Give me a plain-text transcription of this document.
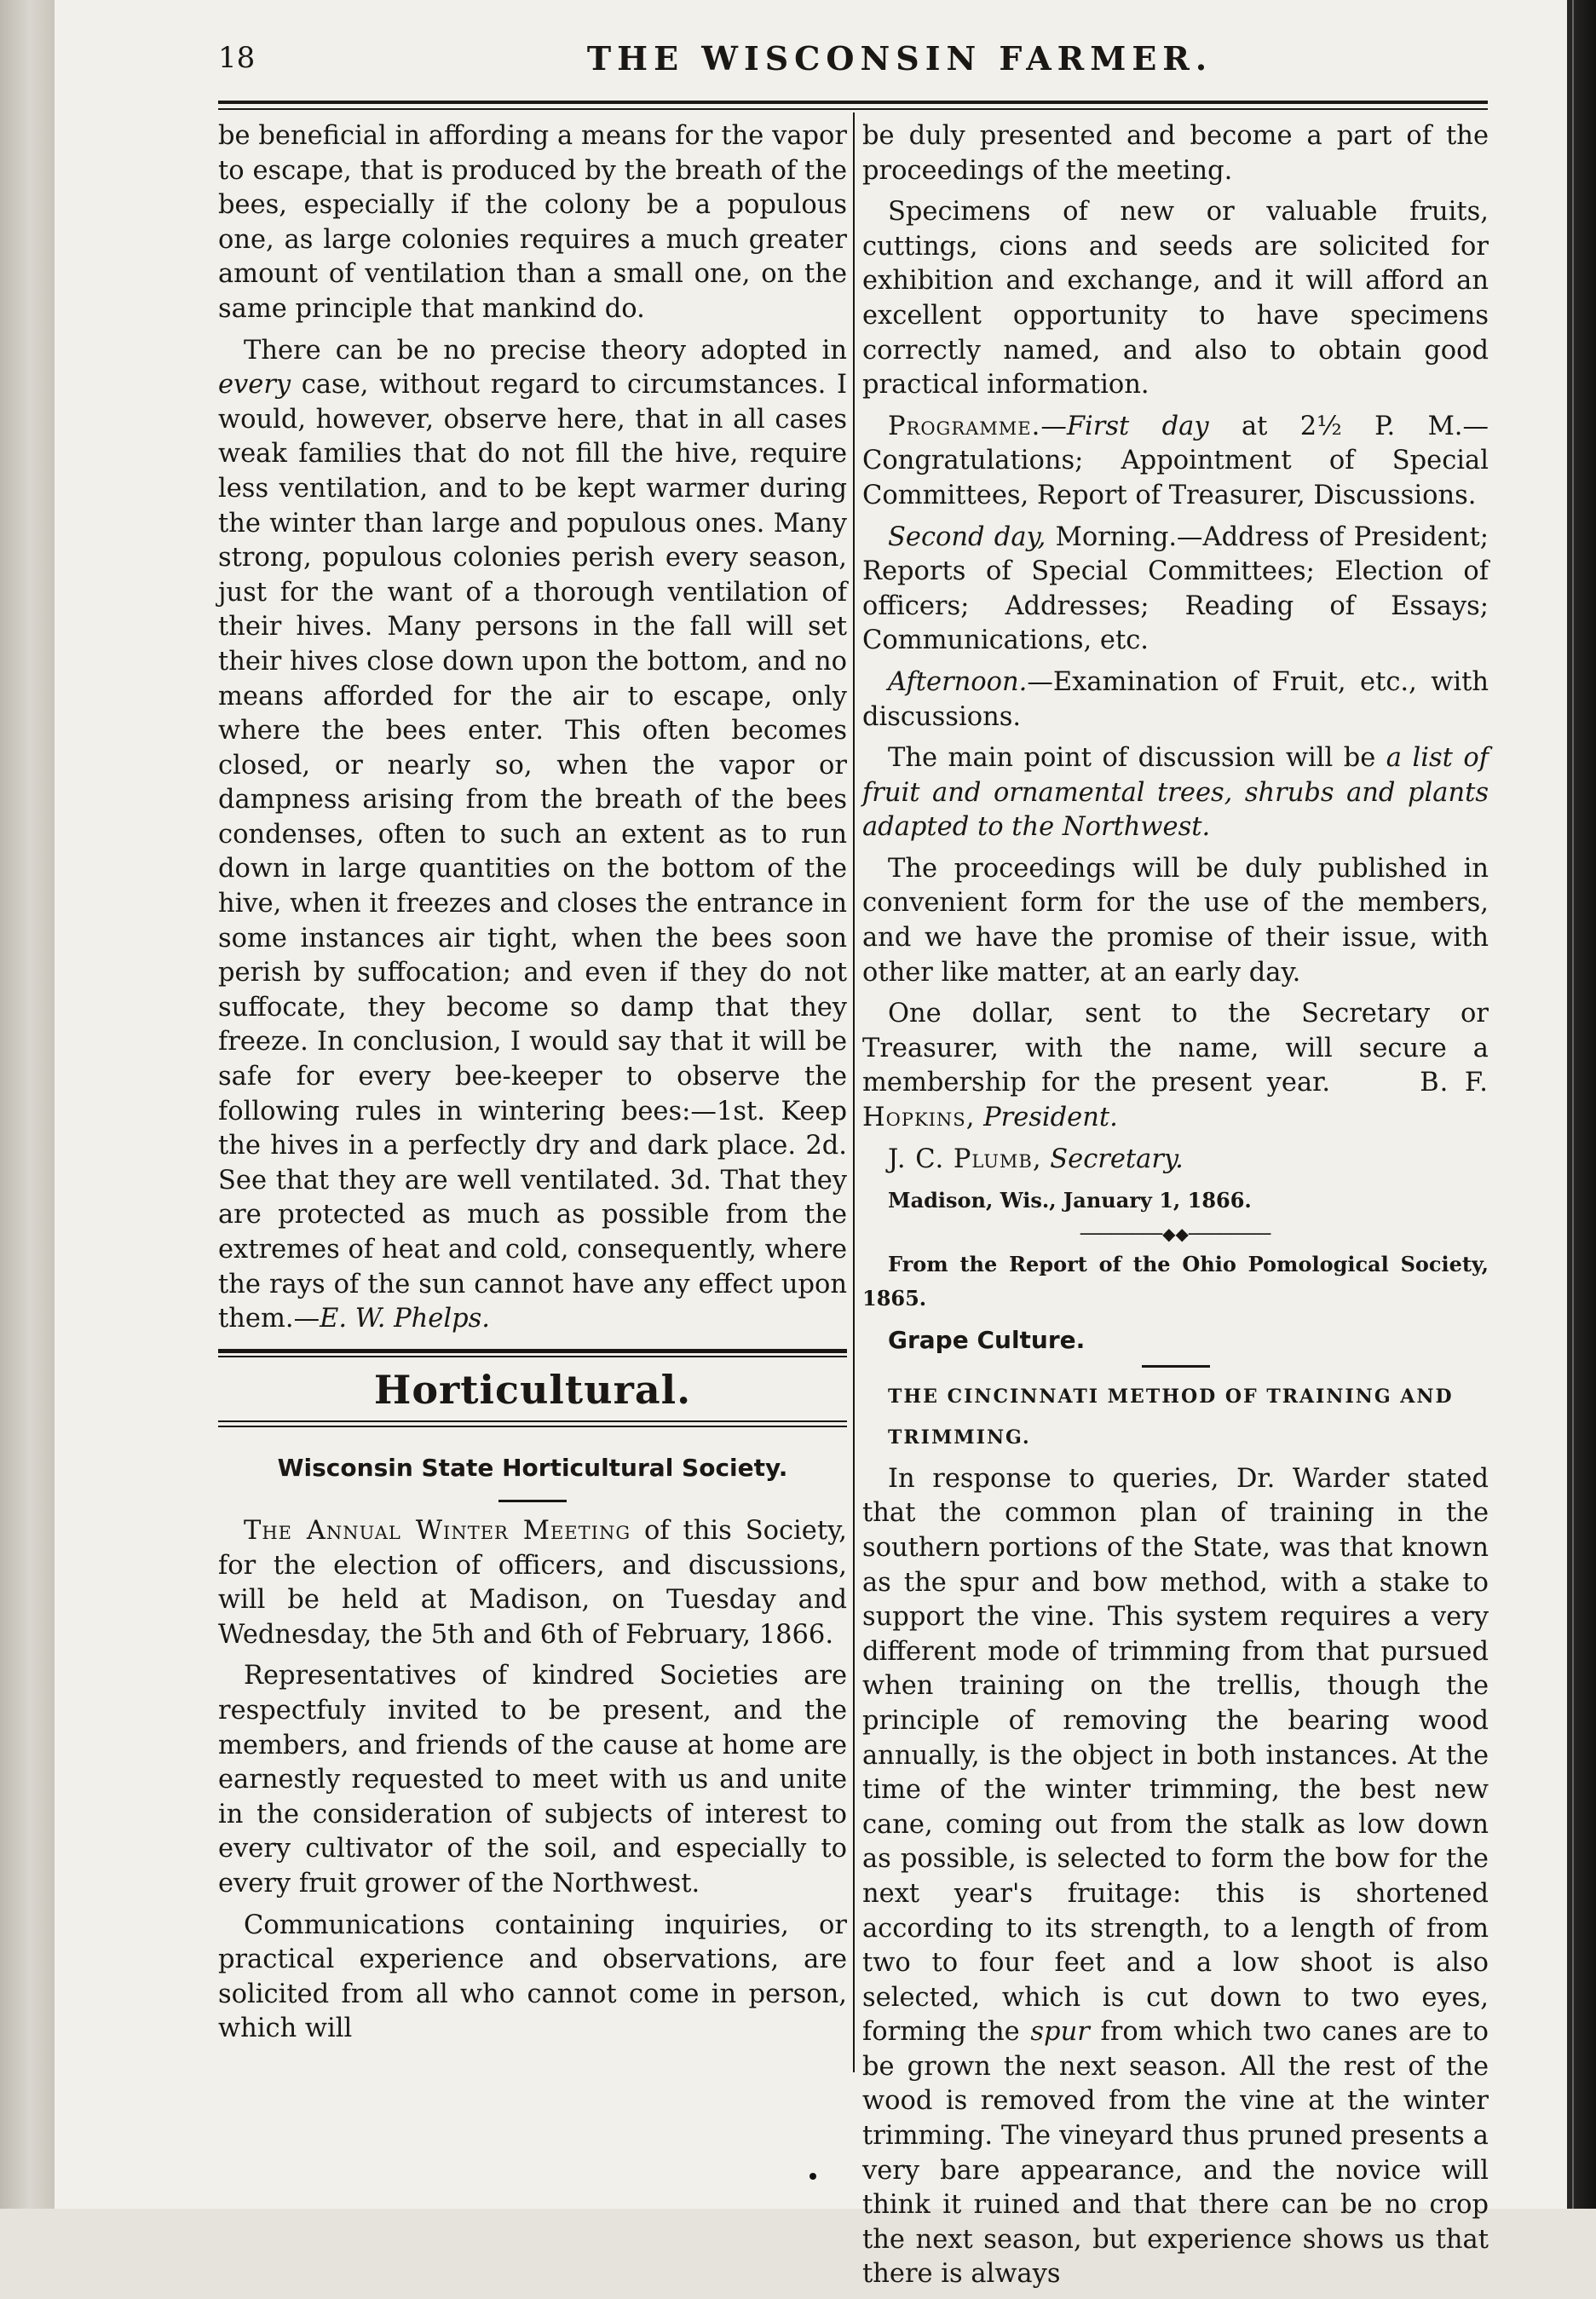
18	THE WISCONSIN FARMER.

be beneficial in affording a means for the vapor to escape, that is produced by the breath of the bees, especially if the colony be a populous one, as large colonies requires a much greater amount of ventilation than a small one, on the same principle that mankind do.

There can be no precise theory adopted in every case, without regard to circumstances. I would, however, observe here, that in all cases weak families that do not fill the hive, require less ventilation, and to be kept warmer during the winter than large and populous ones. Many strong, populous colonies perish every season, just for the want of a thorough ventilation of their hives. Many persons in the fall will set their hives close down upon the bottom, and no means afforded for the air to escape, only where the bees enter. This often becomes closed, or nearly so, when the vapor or dampness arising from the breath of the bees condenses, often to such an extent as to run down in large quantities on the bottom of the hive, when it freezes and closes the entrance in some instances air tight, when the bees soon perish by suffocation; and even if they do not suffocate, they become so damp that they freeze. In conclusion, I would say that it will be safe for every bee-keeper to observe the following rules in wintering bees:—1st. Keep the hives in a perfectly dry and dark place. 2d. See that they are well ventilated. 3d. That they are protected as much as possible from the extremes of heat and cold, consequently, where the rays of the sun cannot have any effect upon them.—E. W. Phelps.

Horticultural.
Wisconsin State Horticultural Society.

The Annual Winter Meeting of this Society, for the election of officers, and discussions, will be held at Madison, on Tuesday and Wednesday, the 5th and 6th of February, 1866.

Representatives of kindred Societies are respectfuly invited to be present, and the members, and friends of the cause at home are earnestly requested to meet with us and unite in the consideration of subjects of interest to every cultivator of the soil, and especially to every fruit grower of the Northwest.

Communications containing inquiries, or practical experience and observations, are solicited from all who cannot come in person, which will

be duly presented and become a part of the proceedings of the meeting.

Specimens of new or valuable fruits, cuttings, cions and seeds are solicited for exhibition and exchange, and it will afford an excellent opportunity to have specimens correctly named, and also to obtain good practical information.

Programme.—First day at 2½ P. M.—Congratulations; Appointment of Special Committees, Report of Treasurer, Discussions.

Second day, Morning.—Address of President; Reports of Special Committees; Election of officers; Addresses; Reading of Essays; Communications, etc.

Afternoon.—Examination of Fruit, etc., with discussions.

The main point of discussion will be a list of fruit and ornamental trees, shrubs and plants adapted to the Northwest.

The proceedings will be duly published in convenient form for the use of the members, and we have the promise of their issue, with other like matter, at an early day.

One dollar, sent to the Secretary or Treasurer, with the name, will secure a membership for the present year.	B. F. Hopkins, President.

J. C. Plumb, Secretary.

Madison, Wis., January 1, 1866.

────────◆◆────────

From the Report of the Ohio Pomological Society, 1865.

Grape Culture.

THE CINCINNATI METHOD OF TRAINING AND

TRIMMING.

In response to queries, Dr. Warder stated that the common plan of training in the southern portions of the State, was that known as the spur and bow method, with a stake to support the vine. This system requires a very different mode of trimming from that pursued when training on the trellis, though the principle of removing the bearing wood annually, is the object in both instances. At the time of the winter trimming, the best new cane, coming out from the stalk as low down as possible, is selected to form the bow for the next year's fruitage: this is shortened according to its strength, to a length of from two to four feet and a low shoot is also selected, which is cut down to two eyes, forming the spur from which two canes are to be grown the next season. All the rest of the wood is removed from the vine at the winter trimming. The vineyard thus pruned presents a very bare appearance, and the novice will think it ruined and that there can be no crop the next season, but experience shows us that there is always
